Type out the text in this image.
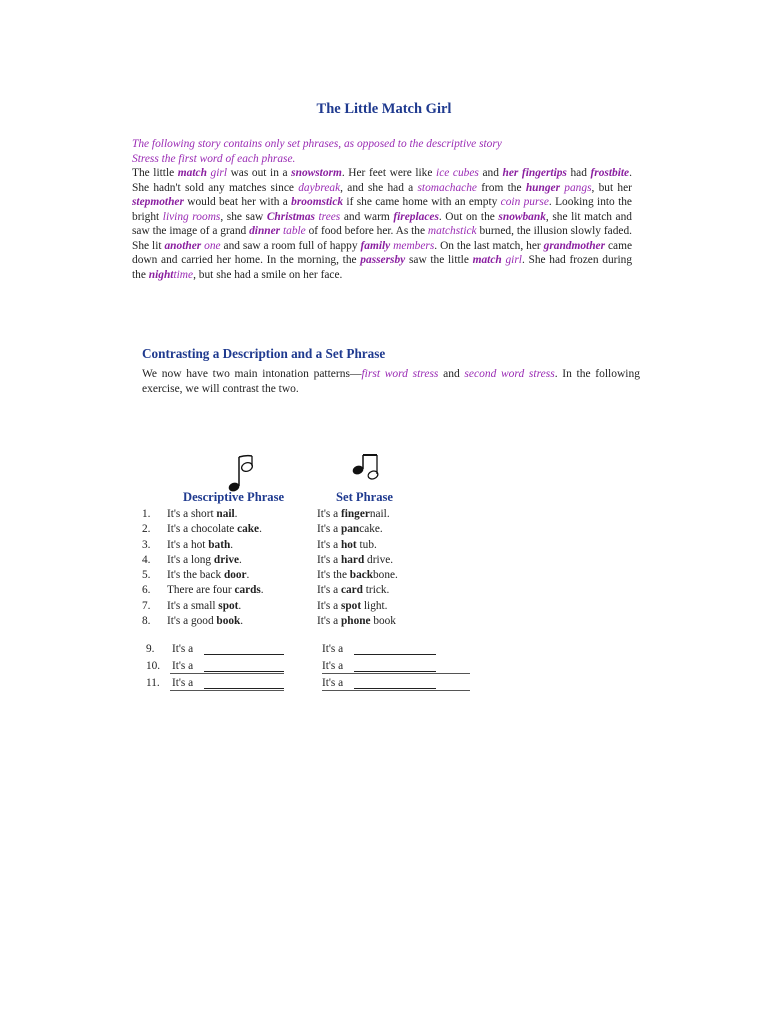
The Little Match Girl
The following story contains only set phrases, as opposed to the descriptive story
Stress the first word of each phrase.
The little match girl was out in a snowstorm. Her feet were like ice cubes and her fingertips had frostbite. She hadn't sold any matches since daybreak, and she had a stomachache from the hunger pangs, but her stepmother would beat her with a broomstick if she came home with an empty coin purse. Looking into the bright living rooms, she saw Christmas trees and warm fireplaces. Out on the snowbank, she lit match and saw the image of a grand dinner table of food before her. As the matchstick burned, the illusion slowly faded. She lit another one and saw a room full of happy family members. On the last match, her grandmother came down and carried her home. In the morning, the passersby saw the little match girl. She had frozen during the nighttime, but she had a smile on her face.
Contrasting a Description and a Set Phrase
We now have two main intonation patterns—first word stress and second word stress. In the following exercise, we will contrast the two.
Descriptive Phrase	Set Phrase
1.	It's a short nail.	It's a fingernail.
2.	It's a chocolate cake.	It's a pancake.
3.	It's a hot bath.	It's a hot tub.
4.	It's a long drive.	It's a hard drive.
5.	It's the back door.	It's the backbone.
6.	There are four cards.	It's a card trick.
7.	It's a small spot.	It's a spot light.
8.	It's a good book.	It's a phone book
9.	It's a	It's a
10.	It's a	It's a
11.	It's a	It's a
